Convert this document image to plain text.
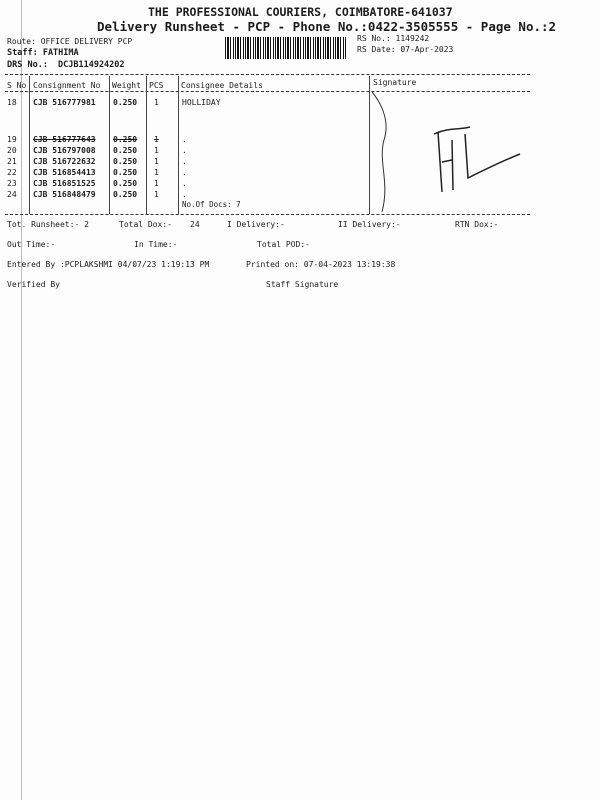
THE PROFESSIONAL COURIERS, COIMBATORE-641037
Delivery Runsheet - PCP - Phone No.:0422-3505555 - Page No.:2
Route: OFFICE DELIVERY PCP
Staff: FATHIMA
DRS No.: DCJB114924202
RS No.: 1149242
RS Date: 07-Apr-2023
S No Consignment No Weight PCS Consignee Details	Signature
18 CJB 516777981 0.250 1	HOLLIDAY
19 CJB 516777643 0.250 1	.
20 CJB 516797008 0.250 1	.
21 CJB 516722632 0.250 1	.
22 CJB 516854413 0.250 1	.
23 CJB 516851525 0.250 1	.
24 CJB 516848479 0.250 1	.
No.Of Docs: 7
Tot. Runsheet:- 2	Total Dox:- 24	I Delivery:-	II Delivery:-	RTN Dox:-
Out Time:-	In Time:-	Total POD:-
Entered By :PCPLAKSHMI 04/07/23 1:19:13 PM	Printed on: 07-04-2023 13:19:38
Verified By	Staff Signature
